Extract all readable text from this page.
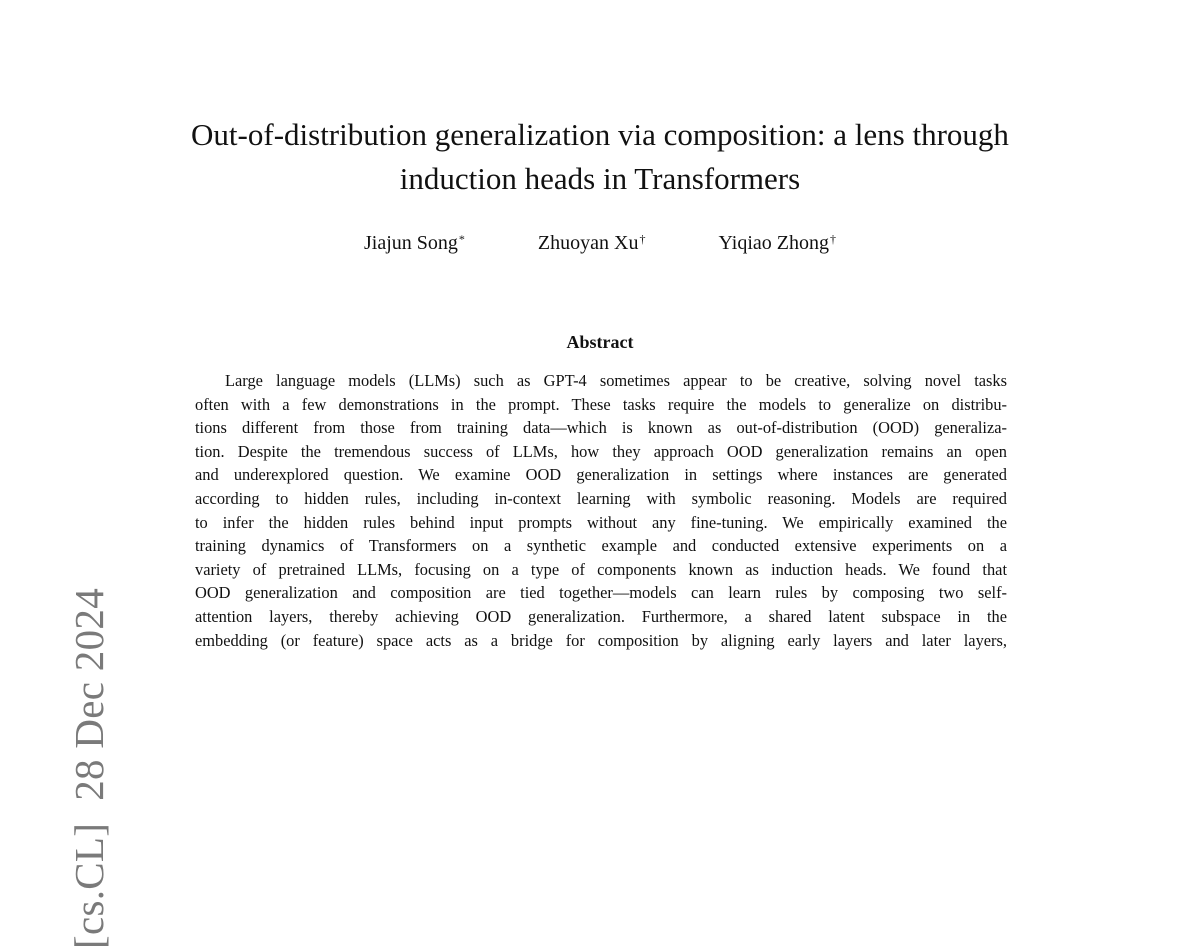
[cs.CL]28 Dec 2024
Out-of-distribution generalization via composition: a lens through
induction heads in Transformers
Jiajun Song*	Zhuoyan Xu†	Yiqiao Zhong†
Abstract
Large language models (LLMs) such as GPT-4 sometimes appear to be creative, solving novel tasks
often with a few demonstrations in the prompt. These tasks require the models to generalize on distribu-
tions different from those from training data—which is known as out-of-distribution (OOD) generaliza-
tion. Despite the tremendous success of LLMs, how they approach OOD generalization remains an open
and underexplored question. We examine OOD generalization in settings where instances are generated
according to hidden rules, including in-context learning with symbolic reasoning. Models are required
to infer the hidden rules behind input prompts without any fine-tuning. We empirically examined the
training dynamics of Transformers on a synthetic example and conducted extensive experiments on a
variety of pretrained LLMs, focusing on a type of components known as induction heads. We found that
OOD generalization and composition are tied together—models can learn rules by composing two self-
attention layers, thereby achieving OOD generalization. Furthermore, a shared latent subspace in the
embedding (or feature) space acts as a bridge for composition by aligning early layers and later layers,
